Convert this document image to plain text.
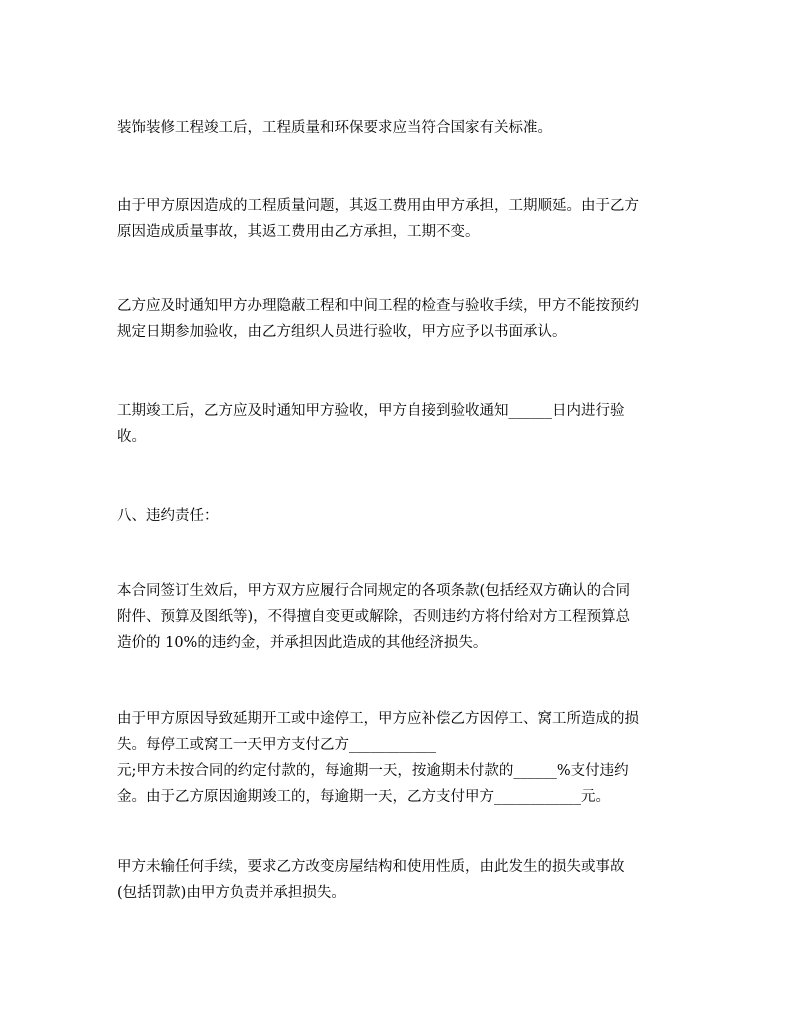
装饰装修工程竣工后，工程质量和环保要求应当符合国家有关标准。

由于甲方原因造成的工程质量问题，其返工费用由甲方承担，工期顺延。由于乙方
原因造成质量事故，其返工费用由乙方承担，工期不变。

乙方应及时通知甲方办理隐蔽工程和中间工程的检查与验收手续，甲方不能按预约
规定日期参加验收，由乙方组织人员进行验收，甲方应予以书面承认。

工期竣工后，乙方应及时通知甲方验收，甲方自接到验收通知______日内进行验
收。

八、违约责任：

本合同签订生效后，甲方双方应履行合同规定的各项条款(包括经双方确认的合同
附件、预算及图纸等)，不得擅自变更或解除，否则违约方将付给对方工程预算总
造价的 10%的违约金，并承担因此造成的其他经济损失。

由于甲方原因导致延期开工或中途停工，甲方应补偿乙方因停工、窝工所造成的损
失。每停工或窝工一天甲方支付乙方____________
元;甲方未按合同的约定付款的，每逾期一天，按逾期未付款的______%支付违约
金。由于乙方原因逾期竣工的，每逾期一天，乙方支付甲方____________元。

甲方未输任何手续，要求乙方改变房屋结构和使用性质，由此发生的损失或事故
(包括罚款)由甲方负责并承担损失。
